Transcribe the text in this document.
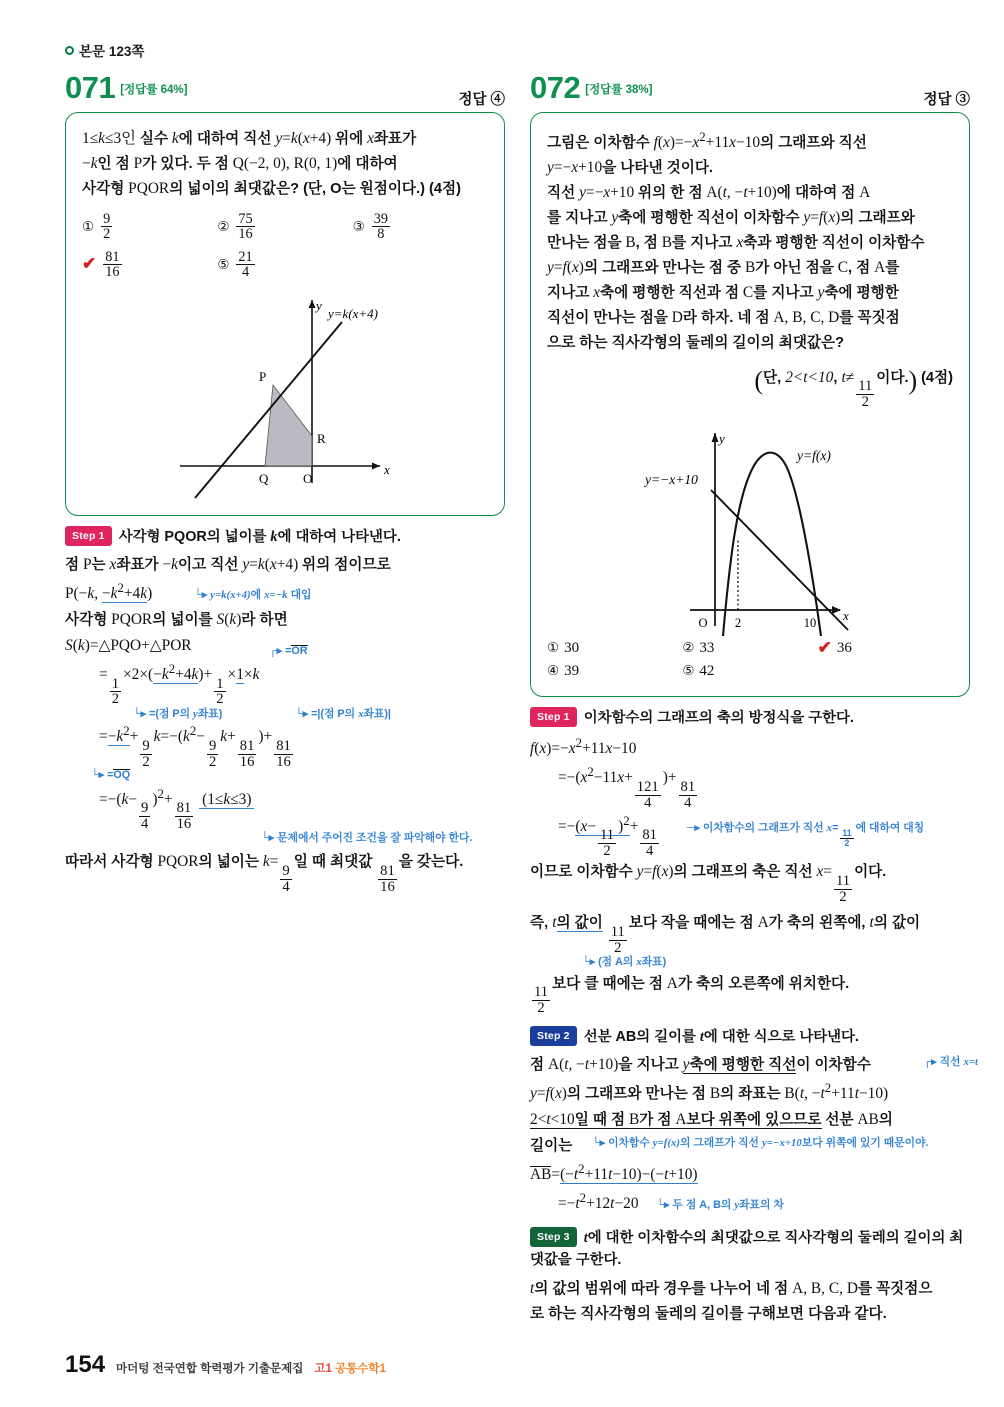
본문 123쪽
071 [정답률 64%]
정답 ④
1≤k≤3인 실수 k에 대하여 직선 y=k(x+4) 위에 x좌표가
−k인 점 P가 있다. 두 점 Q(−2, 0), R(0, 1)에 대하여
사각형 PQOR의 넓이의 최댓값은? (단, O는 원점이다.) (4점)
① $\frac{9}{2}$	② $\frac{75}{16}$	③ $\frac{39}{8}$
✔ $\frac{81}{16}$	⑤ $\frac{21}{4}$
y
x
y=k(x+4)
P
R
Q	O
Step 1 사각형 PQOR의 넓이를 k에 대하여 나타낸다.
점 P는 x좌표가 −k이고 직선 y=k(x+4) 위의 점이므로
P(−k, $-k^2+4k$)	└▸ y=k(x+4)에 x=−k 대입
사각형 PQOR의 넓이를 S(k)라 하면
S(k)=△PQO+△POR	┌▸ =OR
=
$\frac{1}{2}$
$\times 2\times(-k^2+4k)+$
$\frac{1}{2}$
×1×k
└▸ =(점 P의 y좌표)	└▸ =|(점 P의 x좌표)|
$=-k^2+$
$\frac{9}{2}$
$k=-(k^2-$
$\frac{9}{2}$
k+
$\frac{81}{16}$
)+
$\frac{81}{16}$
└▸ =OQ
=−(k−
$\frac{9}{4}$
)$^2$+
$\frac{81}{16}$
(1≤k≤3)
└▸ 문제에서 주어진 조건을 잘 파악해야 한다.
따라서 사각형 PQOR의 넓이는 k=
$\frac{9}{4}$
일 때 최댓값
$\frac{81}{16}$
을 갖는다.
072 [정답률 38%]
정답 ③
그림은 이차함수 $f(x)=-x^2+11x-10$의 그래프와 직선
y=−x+10을 나타낸 것이다.
직선 y=−x+10 위의 한 점 A(t, −t+10)에 대하여 점 A
를 지나고 y축에 평행한 직선이 이차함수 y=f(x)의 그래프와
만나는 점을 B, 점 B를 지나고 x축과 평행한 직선이 이차함수
y=f(x)의 그래프와 만나는 점 중 B가 아닌 점을 C, 점 A를
지나고 x축에 평행한 직선과 점 C를 지나고 y축에 평행한
직선이 만나는 점을 D라 하자. 네 점 A, B, C, D를 꼭짓점
으로 하는 직사각형의 둘레의 길이의 최댓값은?
(단, 2<t<10, t≠
$\frac{11}{2}$
이다.) (4점)
2	10
O
y
x
y=f(x)
y=−x+10
① 30	② 33	✔ 36
④ 39	⑤ 42
Step 1 이차함수의 그래프의 축의 방정식을 구한다.
$f(x)=-x^2+11x-10$
$=-(x^2-11x+$
$\frac{121}{4}$
)+
$\frac{81}{4}$
=−(x−
$\frac{11}{2}$
)$^2$+
$\frac{81}{4}$
─▸ 이차함수의 그래프가 직선 x=
$\frac{11}{2}$
에 대하여 대칭
이므로 이차함수 y=f(x)의 그래프의 축은 직선 x=
$\frac{11}{2}$
이다.
즉, t의 값이
$\frac{11}{2}$
보다 작을 때에는 점 A가 축의 왼쪽에, t의 값이
└▸ (점 A의 x좌표)
$\frac{11}{2}$
보다 클 때에는 점 A가 축의 오른쪽에 위치한다.
Step 2 선분 AB의 길이를 t에 대한 식으로 나타낸다.
점 A(t, −t+10)을 지나고 y축에 평행한 직선이 이차함수	┌▸ 직선 x=t
y=f(x)의 그래프와 만나는 점 B의 좌표는 B(t, $-t^2+11t-10$)
2<t<10일 때 점 B가 점 A보다 위쪽에 있으므로 선분 AB의
길이는 └▸ 이차함수 y=f(x)의 그래프가 직선 y=−x+10보다 위쪽에 있기 때문이야.
$AB=(-t^2+11t-10)-(-t+10)$
$=-t^2+12t-20$ └▸ 두 점 A, B의 y좌표의 차
Step 3 t에 대한 이차함수의 최댓값으로 직사각형의 둘레의 길이의 최댓값을 구한다.
t의 값의 범위에 따라 경우를 나누어 네 점 A, B, C, D를 꼭짓점으
로 하는 직사각형의 둘레의 길이를 구해보면 다음과 같다.
154 마더텅 전국연합 학력평가 기출문제집 고1 공통수학1
